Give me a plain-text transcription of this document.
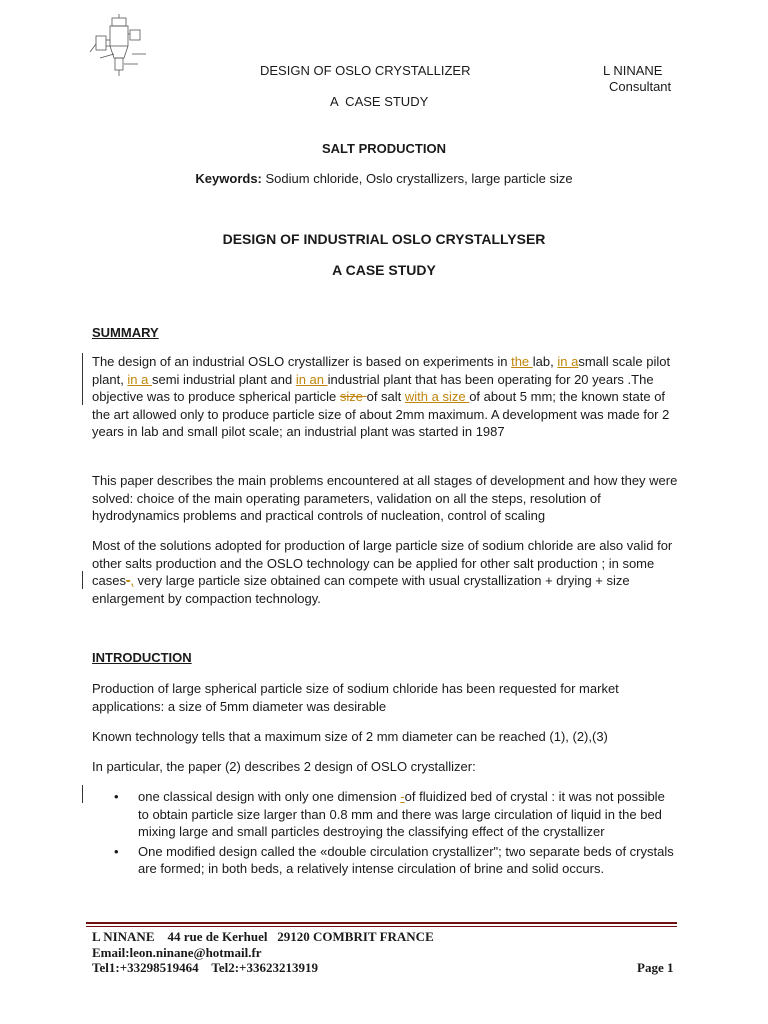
DESIGN OF OSLO CRYSTALLIZER	L NINANE
Consultant
A  CASE STUDY
SALT PRODUCTION
Keywords: Sodium chloride, Oslo crystallizers, large particle size
DESIGN OF INDUSTRIAL OSLO CRYSTALLYSER
A CASE STUDY
SUMMARY
The design of an industrial OSLO crystallizer is based on experiments in the lab, in asmall scale pilot plant, in a semi industrial plant and in an industrial plant that has been operating for 20 years .The objective was to produce spherical particle size of salt with a size of about 5 mm; the known state of the art allowed only to produce particle size of about 2mm maximum. A development was made for 2 years in lab and small pilot scale; an industrial plant was started in 1987
This paper describes the main problems encountered at all stages of development and how they were solved: choice of the main operating parameters, validation on all the steps, resolution of hydrodynamics problems and practical controls of nucleation, control of scaling
Most of the solutions adopted for production of large particle size of sodium chloride are also valid for other salts production and the OSLO technology can be applied for other salt production ; in some cases-, very large particle size obtained can compete with usual crystallization + drying + size enlargement by compaction technology.
INTRODUCTION
Production of large spherical particle size of sodium chloride has been requested for market applications: a size of 5mm diameter was desirable
Known technology tells that a maximum size of 2 mm diameter can be reached (1), (2),(3)
In particular, the paper (2) describes 2 design of OSLO crystallizer:
• one classical design with only one dimension -of fluidized bed of crystal : it was not possible to obtain particle size larger than 0.8 mm and there was large circulation of liquid in the bed mixing large and small particles destroying the classifying effect of the crystallizer
• One modified design called the «double circulation crystallizer"; two separate beds of crystals are formed; in both beds, a relatively intense circulation of brine and solid occurs.
L NINANE    44 rue de Kerhuel   29120 COMBRIT FRANCE
Email:leon.ninane@hotmail.fr
Tel1:+33298519464    Tel2:+33623213919	Page 1
